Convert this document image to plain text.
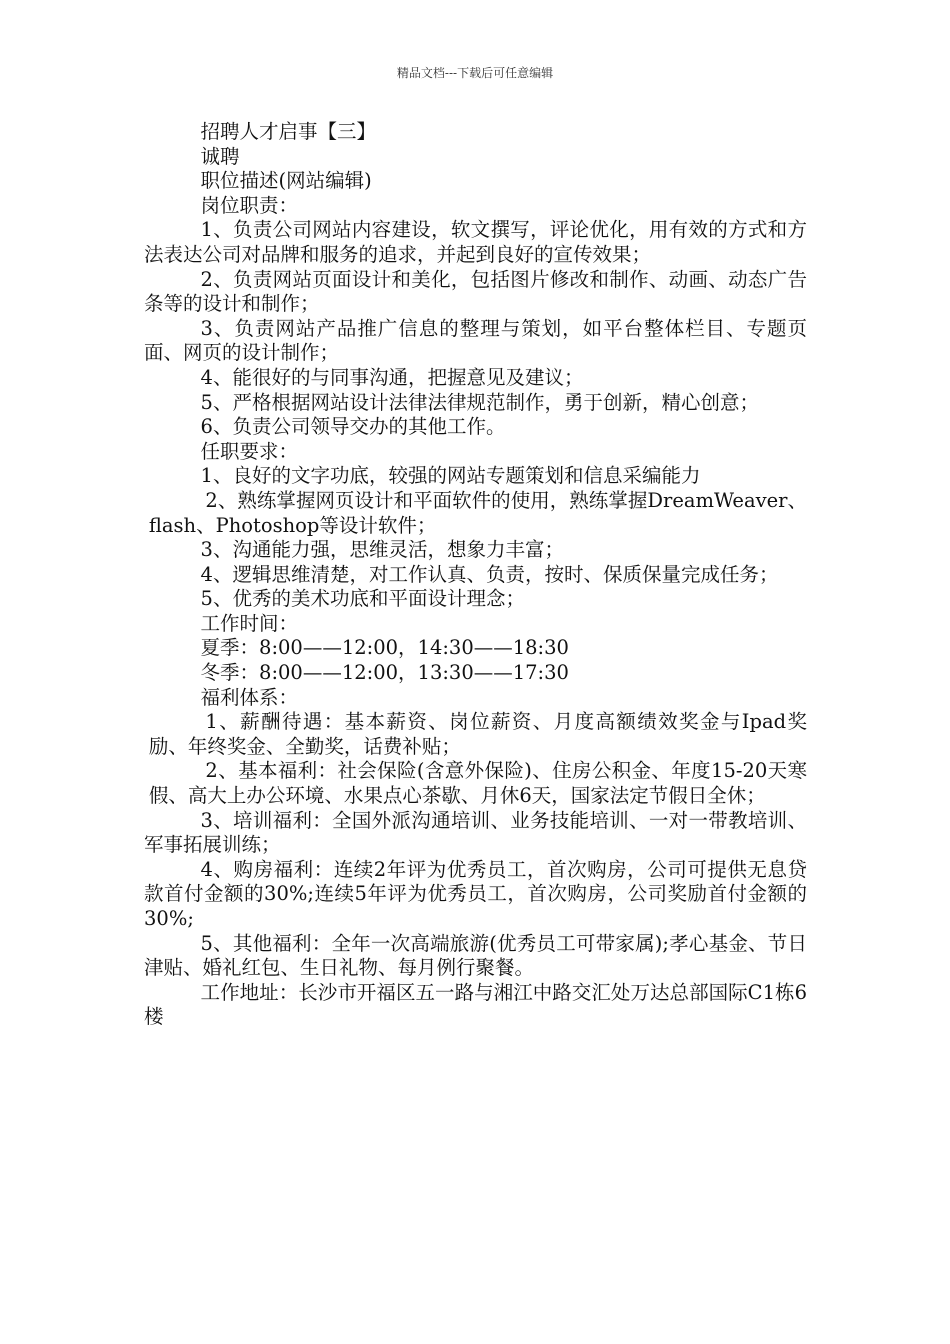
精品文档---下载后可任意编辑

招聘人才启事【三】

诚聘

职位描述(网站编辑)

岗位职责：

1、负责公司网站内容建设，软文撰写，评论优化，用有效的方式和方法表达公司对品牌和服务的追求，并起到良好的宣传效果；

2、负责网站页面设计和美化，包括图片修改和制作、动画、动态广告条等的设计和制作；

3、负责网站产品推广信息的整理与策划，如平台整体栏目、专题页面、网页的设计制作；

4、能很好的与同事沟通，把握意见及建议；

5、严格根据网站设计法律法律规范制作，勇于创新，精心创意；

6、负责公司领导交办的其他工作。

任职要求：

1、良好的文字功底，较强的网站专题策划和信息采编能力

2、熟练掌握网页设计和平面软件的使用，熟练掌握DreamWeaver、flash、Photoshop等设计软件；

3、沟通能力强，思维灵活，想象力丰富；

4、逻辑思维清楚，对工作认真、负责，按时、保质保量完成任务；

5、优秀的美术功底和平面设计理念；

工作时间：

夏季：8:00——12:00，14:30——18:30

冬季：8:00——12:00，13:30——17:30

福利体系：

1、薪酬待遇：基本薪资、岗位薪资、月度高额绩效奖金与Ipad奖励、年终奖金、全勤奖，话费补贴；

2、基本福利：社会保险(含意外保险)、住房公积金、年度15-20天寒假、高大上办公环境、水果点心茶歇、月休6天，国家法定节假日全休；

3、培训福利：全国外派沟通培训、业务技能培训、一对一带教培训、军事拓展训练；

4、购房福利：连续2年评为优秀员工，首次购房，公司可提供无息贷款首付金额的30%;连续5年评为优秀员工，首次购房，公司奖励首付金额的30%;

5、其他福利：全年一次高端旅游(优秀员工可带家属);孝心基金、节日津贴、婚礼红包、生日礼物、每月例行聚餐。

工作地址：长沙市开福区五一路与湘江中路交汇处万达总部国际C1栋6楼
